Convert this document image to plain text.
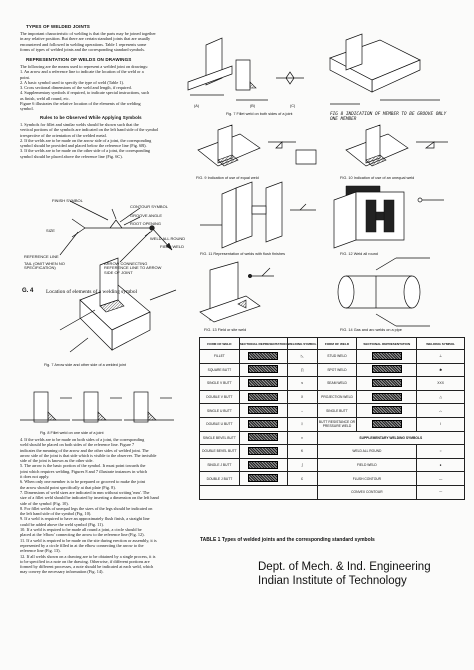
TYPES OF WELDED JOINTS
The important characteristic of welding is that the parts may be joined together
in any relative position. But there are certain standard joints that are usually
encountered and followed in welding operations. Table 1 represents some
forms of types of welded joints and the corresponding standard symbols.
REPRESENTATION OF WELDS ON DRAWINGS
The following are the means used to represent a welded joint on drawings:
1. An arrow and a reference line to indicate the location of the weld or a
point.
2. A basic symbol used to specify the type of weld (Table 1).
3. Cross sectional dimensions of the weld and length, if required.
4. Supplementary symbols if required, to indicate special instructions, such
as finish, weld all round, etc.
Figure 6 illustrates the relative location of the elements of the welding
symbol.
Rules to be Observed While Applying Symbols
1. Symbols for fillet and similar welds should be shown such that the
vertical portions of the symbols are indicated on the left hand side of the symbol
irrespective of the orientation of the welded metal.
2. If the welds are to be made on the arrow side of a joint, the corresponding
symbol should be provided and placed below the reference line (Fig. 6B).
3. If the welds are to be made on the other side of a joint, the corresponding
symbol should be placed above the reference line (Fig. 6C).
FINISH SYMBOL
CONTOUR SYMBOL
GROOVE ANGLE
ROOT OPENING
SIZE
WELD ALL ROUND
FIELD WELD
REFERENCE LINE
TAIL (OMIT WHEN NO SPECIFICATION)
ARROW CONNECTING REFERENCE LINE TO ARROW SIDE OF JOINT
G. 4 Location of elements of a welding symbol
Fig. 7 Arrow side and other side of a welded joint
Fig. 8 Fillet weld on one side of a joint
4. If the welds are to be made on both sides of a joint, the corresponding
weld should be placed on both sides of the reference line. Figure 7
indicates the meaning of the arrow and the other sides of welded joint. The
arrow side of the joint is that side which is visible to the observer. The invisible
side of the joint is known as the other side.
5. The arrow is the basic portion of the symbol. It must point towards the
joint which requires welding. Figures 8 and 7 illustrate instances in which
it does not apply.
6. When only one member is to be prepared or grooved to make the joint
the arrow should point specifically at that plate (Fig. 8).
7. Dimensions of weld sizes are indicated in mm without writing 'mm'. The
size of a fillet weld should be indicated by inserting a dimension on the left hand
side of the symbol (Fig. 10).
8. For fillet welds of unequal legs the sizes of the legs should be indicated on
the left hand side of the symbol (Fig. 10).
9. If a weld is required to have an approximately flush finish, a straight line
could be added above the weld symbol (Fig. 11).
10. If a weld is required to be made all round a joint, a circle should be
placed at the 'elbow' connecting the arrow to the reference line (Fig. 12).
11. If a weld is required to be made on the site during erection or assembly, it is
represented by a circle filled in at the elbow connecting the arrow to the
reference line (Fig. 13).
12. If all welds shown on a drawing are to be obtained by a single process, it is
to be specified in a note on the drawing. Otherwise, if different portions are
formed by different processes, a note should be indicated at each weld, which
may convey the necessary information (Fig. 14).
(A)	(B)	(C)
Fig. 7 Fillet weld on both sides of a joint	FIG 8 INDICATION OF MEMBER TO BE GROOVE ONLY ONE MEMBER
FIG. 9 Indication of use of equal weld	FIG. 10 Indication of use of an unequal weld
FIG. 11 Representation of welds with flush finishes	FIG. 12 Weld all round
FIG. 13 Field or site weld	FIG. 14 Gas and arc welds on a pipe
FORM OF WELD	SECTIONAL REPRESENTATION	WELDING SYMBOL	FORM OF WELD	SECTIONAL REPRESENTATION	WELDING SYMBOL
FILLET		◺	STUD WELD		⊥
SQUARE BUTT		∏	SPOT WELD		✱
SINGLE V BUTT		∨	SEAM WELD		XXX
DOUBLE V BUTT		X	PROJECTION WELD		△
SINGLE U BUTT		⌣	SINGLE BUTT		⌓
DOUBLE U BUTT		⩆	BUTT RESISTANCE OR PRESSURE WELD		I
SINGLE BEVEL BUTT		ν	SUPPLEMENTARY WELDING SYMBOLS		
DOUBLE BEVEL BUTT		K	WELD ALL ROUND		○
SINGLE J BUTT		ʃ	FIELD WELD		●
DOUBLE J BUTT		Ɛ	FLUSH CONTOUR		—
			CONVEX CONTOUR		⌒
TABLE 1 Types of welded joints and the corresponding standard symbols
Dept. of Mech. & Ind. Engineering
Indian Institute of Technology
